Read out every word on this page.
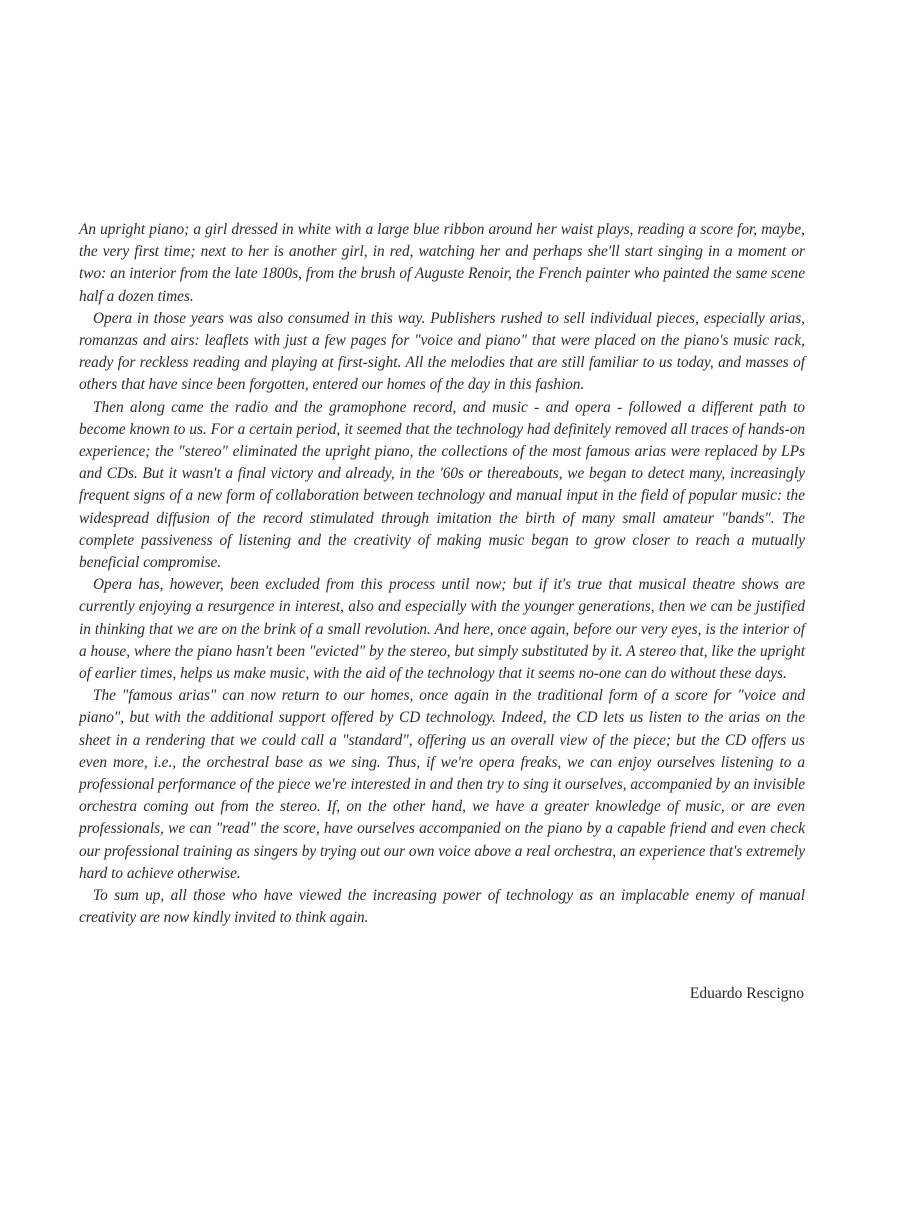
An upright piano; a girl dressed in white with a large blue ribbon around her waist plays, reading a score for, maybe, the very first time; next to her is another girl, in red, watching her and perhaps she'll start singing in a moment or two: an interior from the late 1800s, from the brush of Auguste Renoir, the French painter who painted the same scene half a dozen times.

Opera in those years was also consumed in this way. Publishers rushed to sell individual pieces, especially arias, romanzas and airs: leaflets with just a few pages for "voice and piano" that were placed on the piano's music rack, ready for reckless reading and playing at first-sight. All the melodies that are still familiar to us today, and masses of others that have since been forgotten, entered our homes of the day in this fashion.

Then along came the radio and the gramophone record, and music - and opera - followed a different path to become known to us. For a certain period, it seemed that the technology had definitely removed all traces of hands-on experience; the "stereo" eliminated the upright piano, the collections of the most famous arias were replaced by LPs and CDs. But it wasn't a final victory and already, in the '60s or thereabouts, we began to detect many, increasingly frequent signs of a new form of collaboration between technology and manual input in the field of popular music: the widespread diffusion of the record stimulated through imitation the birth of many small amateur "bands". The complete passiveness of listening and the creativity of making music began to grow closer to reach a mutually beneficial compromise.

Opera has, however, been excluded from this process until now; but if it's true that musical theatre shows are currently enjoying a resurgence in interest, also and especially with the younger generations, then we can be justified in thinking that we are on the brink of a small revolution. And here, once again, before our very eyes, is the interior of a house, where the piano hasn't been "evicted" by the stereo, but simply substituted by it. A stereo that, like the upright of earlier times, helps us make music, with the aid of the technology that it seems no-one can do without these days.

The "famous arias" can now return to our homes, once again in the traditional form of a score for "voice and piano", but with the additional support offered by CD technology. Indeed, the CD lets us listen to the arias on the sheet in a rendering that we could call a "standard", offering us an overall view of the piece; but the CD offers us even more, i.e., the orchestral base as we sing. Thus, if we're opera freaks, we can enjoy ourselves listening to a professional performance of the piece we're interested in and then try to sing it ourselves, accompanied by an invisible orchestra coming out from the stereo. If, on the other hand, we have a greater knowledge of music, or are even professionals, we can "read" the score, have ourselves accompanied on the piano by a capable friend and even check our professional training as singers by trying out our own voice above a real orchestra, an experience that's extremely hard to achieve otherwise.

To sum up, all those who have viewed the increasing power of technology as an implacable enemy of manual creativity are now kindly invited to think again.

Eduardo Rescigno
